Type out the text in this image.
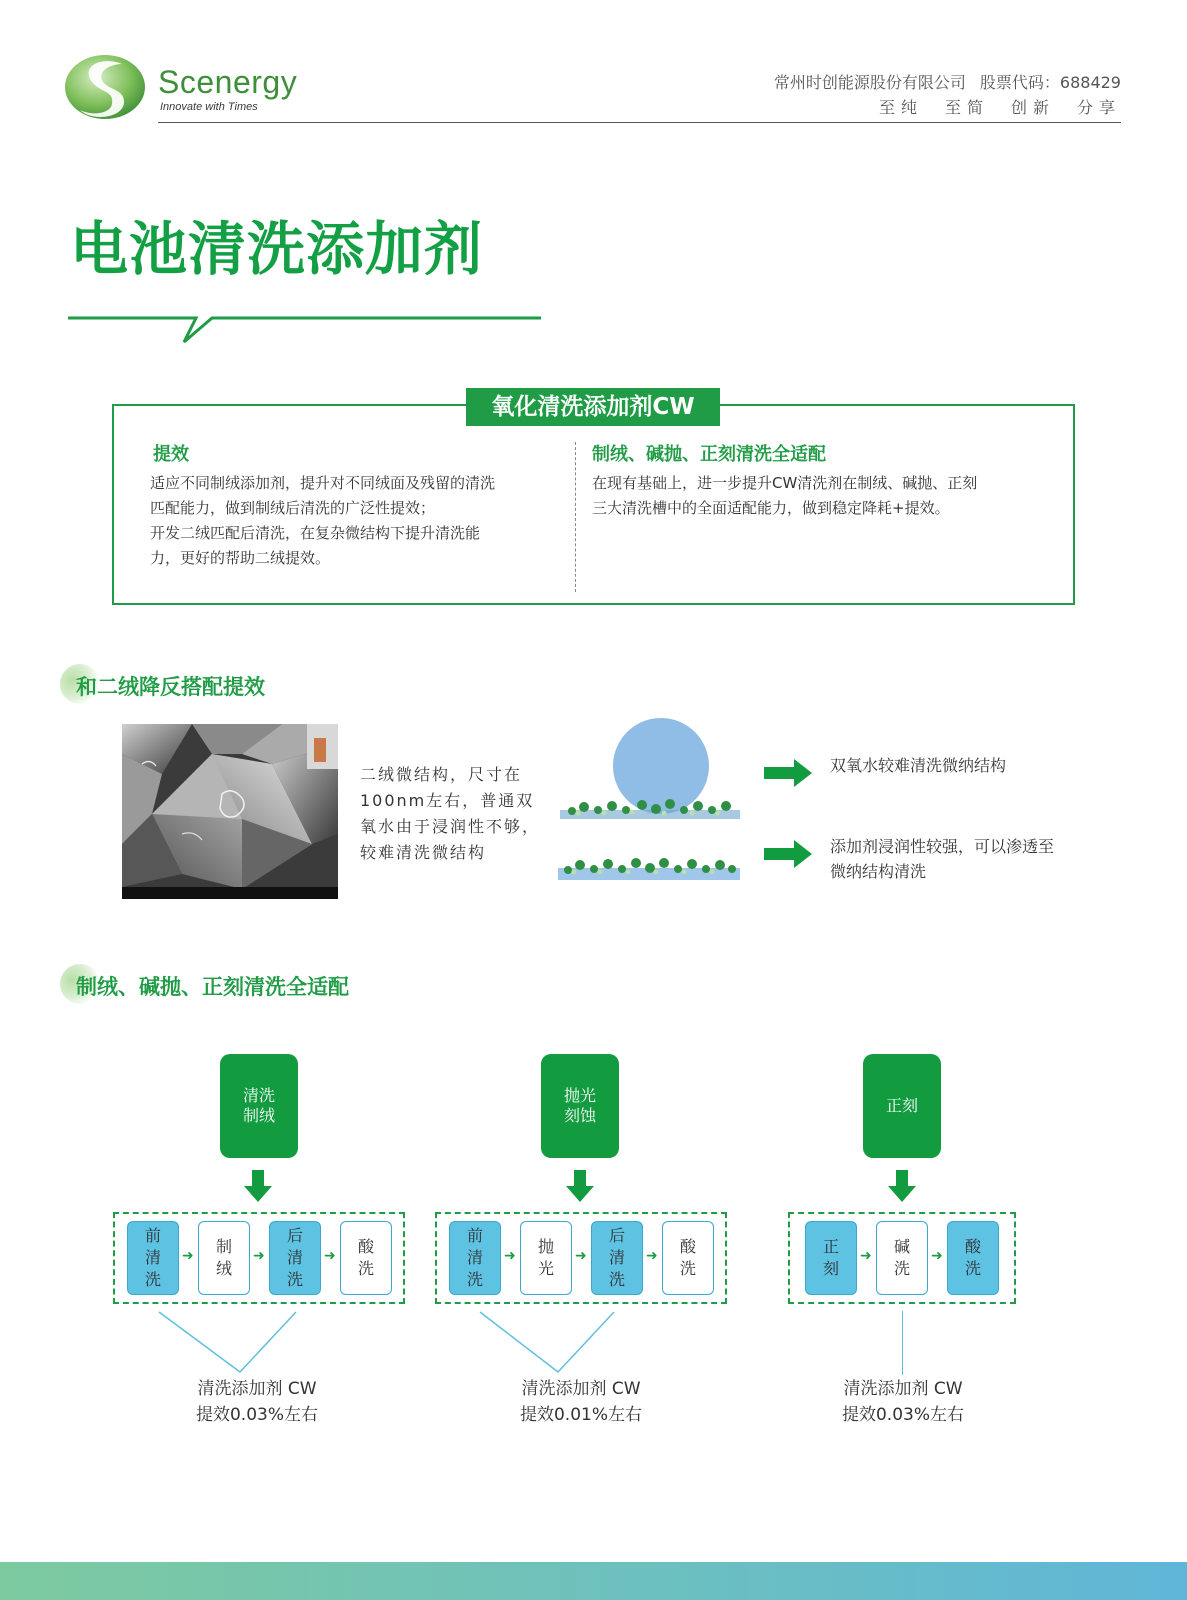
Scenergy
Innovate with Times
常州时创能源股份有限公司 股票代码：688429
至纯 至简 创新 分享
电池清洗添加剂
氧化清洗添加剂CW
提效
适应不同制绒添加剂，提升对不同绒面及残留的清洗
匹配能力，做到制绒后清洗的广泛性提效；
开发二绒匹配后清洗，在复杂微结构下提升清洗能
力，更好的帮助二绒提效。
制绒、碱抛、正刻清洗全适配
在现有基础上，进一步提升CW清洗剂在制绒、碱抛、正刻
三大清洗槽中的全面适配能力，做到稳定降耗+提效。
和二绒降反搭配提效
二绒微结构，尺寸在
100nm左右，普通双
氧水由于浸润性不够，
较难清洗微结构
双氧水较难清洗微纳结构
添加剂浸润性较强，可以渗透至
微纳结构清洗
制绒、碱抛、正刻清洗全适配
清洗
制绒
前
清
洗
➜ 制
绒
➜
后
清
洗
➜ 酸
洗
清洗添加剂 CW
提效0.03%左右
抛光
刻蚀
前
清
洗
➜ 抛
光
➜
后
清
洗
➜ 酸
洗
清洗添加剂 CW
提效0.01%左右
正刻
正
刻
➜ 碱
洗
➜ 酸
洗
清洗添加剂 CW
提效0.03%左右
